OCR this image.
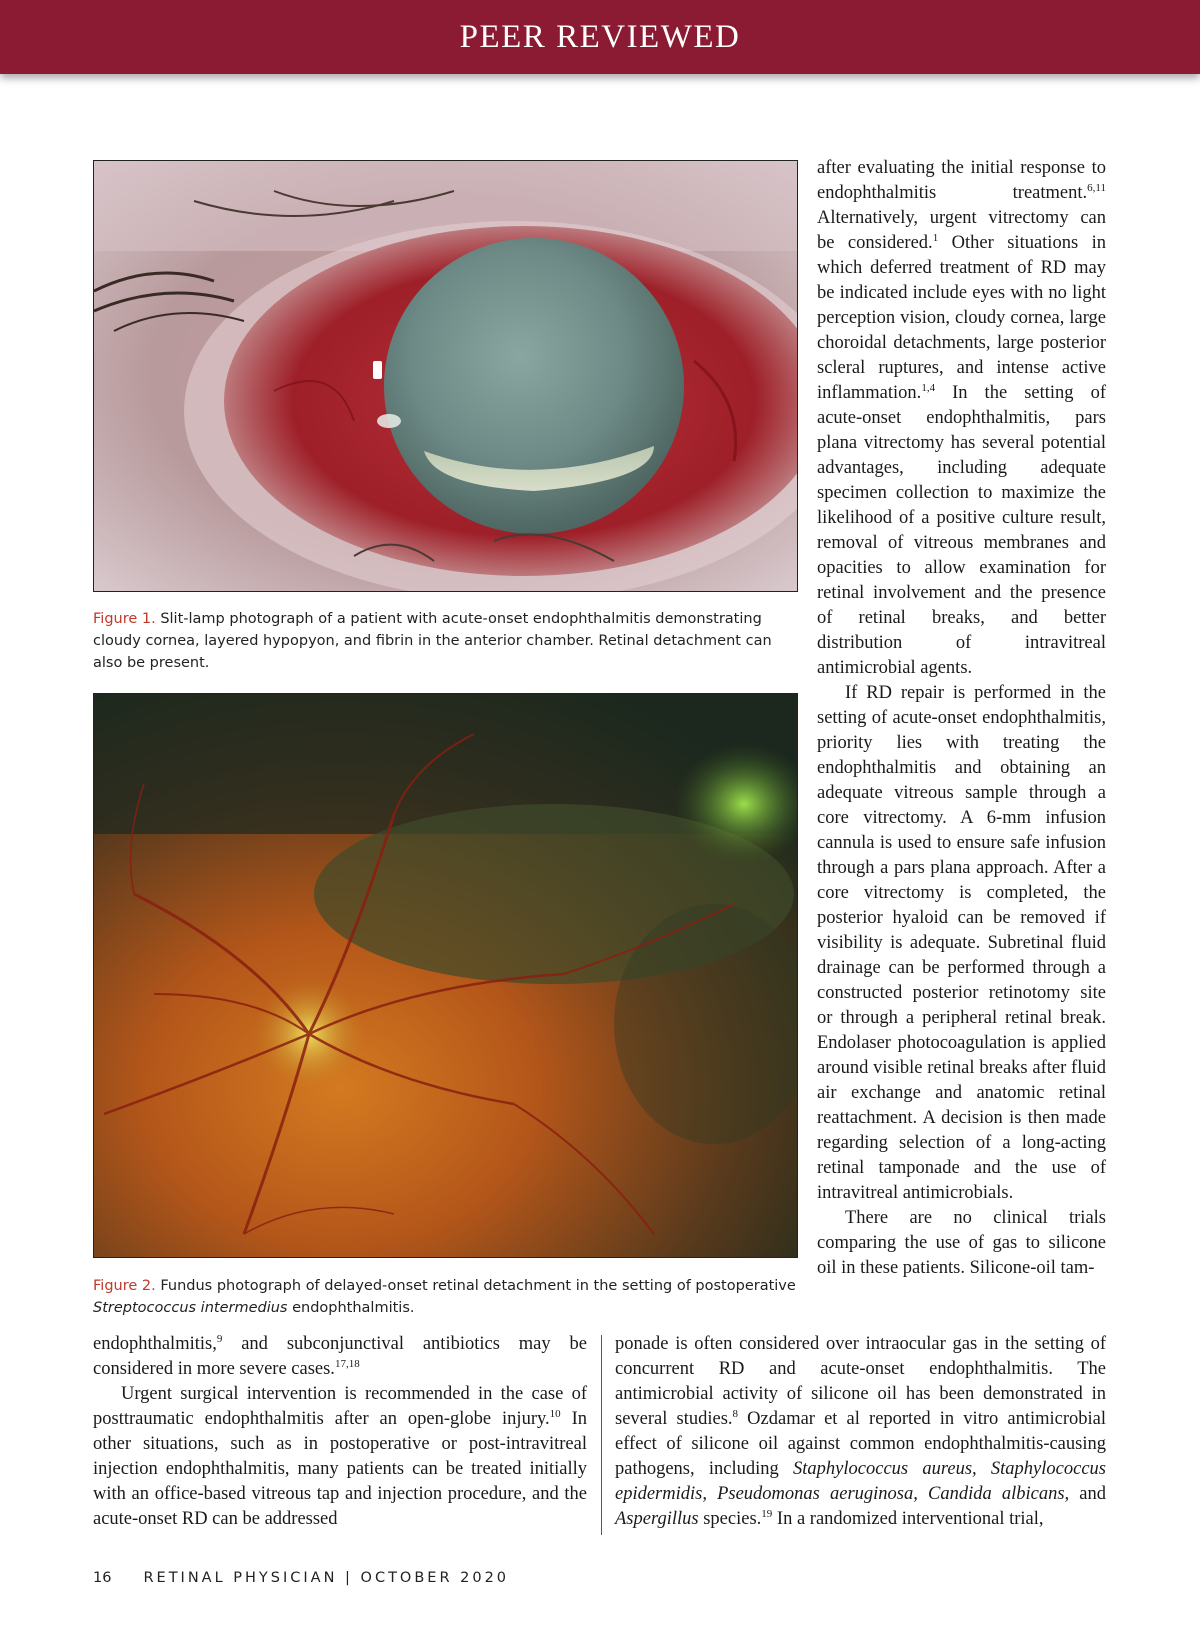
PEER REVIEWED
Figure 1. Slit-lamp photograph of a patient with acute-onset endophthalmitis demonstrating cloudy cornea, layered hypopyon, and fibrin in the anterior chamber. Retinal detachment can also be present.
Figure 2. Fundus photograph of delayed-onset retinal detachment in the setting of postoperative Streptococcus intermedius endophthalmitis.

after evaluating the initial response to endophthalmitis treatment.$^{6,11}$ Alternatively, urgent vitrectomy can be considered.$^1$ Other situations in which deferred treatment of RD may be indicated include eyes with no light perception vision, cloudy cornea, large choroidal detachments, large posterior scleral ruptures, and intense active inflammation.$^{1,4}$ In the setting of acute-onset endophthalmitis, pars plana vitrectomy has several potential advantages, including adequate specimen collection to maximize the likelihood of a positive culture result, removal of vitreous membranes and opacities to allow examination for retinal involvement and the presence of retinal breaks, and better distribution of intravitreal antimicrobial agents.

If RD repair is performed in the setting of acute-onset endophthalmitis, priority lies with treating the endophthalmitis and obtaining an adequate vitreous sample through a core vitrectomy. A 6-mm infusion cannula is used to ensure safe infusion through a pars plana approach. After a core vitrectomy is completed, the posterior hyaloid can be removed if visibility is adequate. Subretinal fluid drainage can be performed through a constructed posterior retinotomy site or through a peripheral retinal break. Endolaser photocoagulation is applied around visible retinal breaks after fluid air exchange and anatomic retinal reattachment. A decision is then made regarding selection of a long-acting retinal tamponade and the use of intravitreal antimicrobials.

There are no clinical trials comparing the use of gas to silicone oil in these patients. Silicone-oil tam-

endophthalmitis,$^9$ and subconjunctival antibiotics may be considered in more severe cases.$^{17,18}$

Urgent surgical intervention is recommended in the case of posttraumatic endophthalmitis after an open-globe injury.$^{10}$ In other situations, such as in postoperative or post-intravitreal injection endophthalmitis, many patients can be treated initially with an office-based vitreous tap and injection procedure, and the acute-onset RD can be addressed

ponade is often considered over intraocular gas in the setting of concurrent RD and acute-onset endophthalmitis. The antimicrobial activity of silicone oil has been demonstrated in several studies.$^8$ Ozdamar et al reported in vitro antimicrobial effect of silicone oil against common endophthalmitis-causing pathogens, including Staphylococcus aureus, Staphylococcus epidermidis, Pseudomonas aeruginosa, Candida albicans, and Aspergillus species.$^{19}$ In a randomized interventional trial,

16 RETINAL PHYSICIAN | OCTOBER 2020
